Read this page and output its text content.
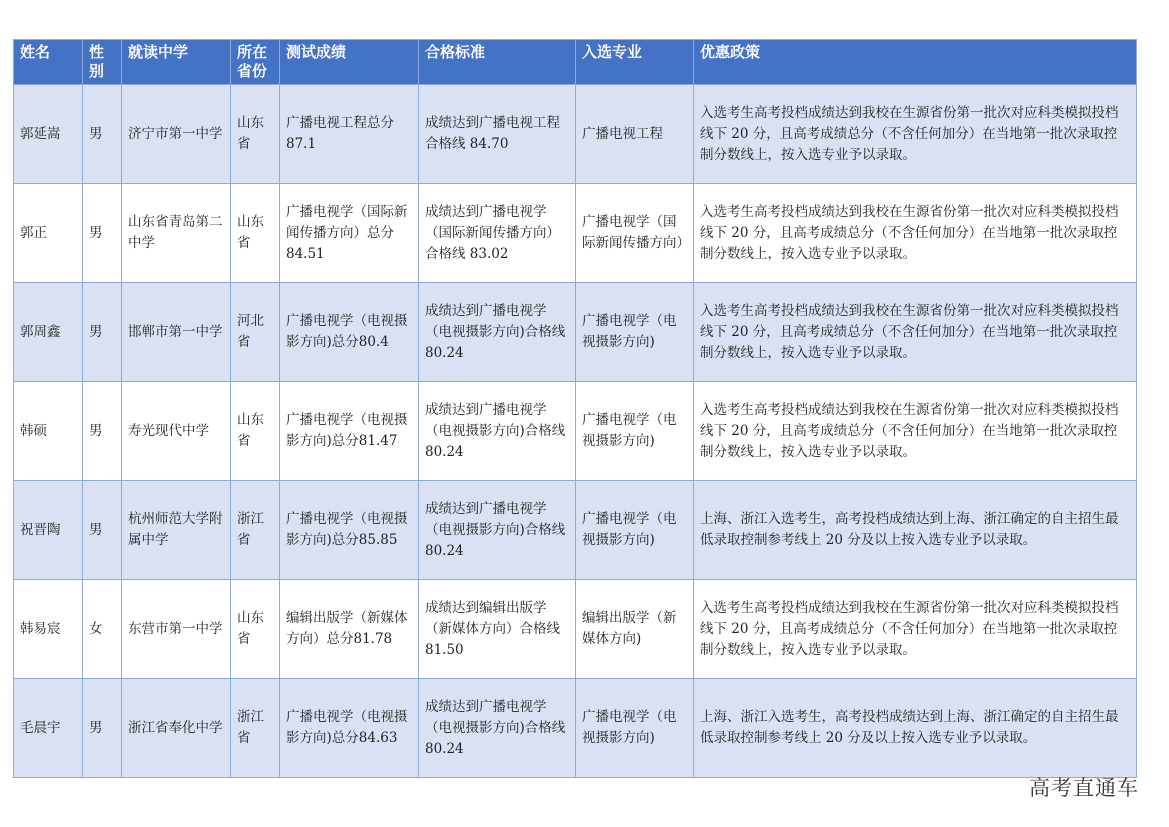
姓名	性别	就读中学	所在省份	测试成绩	合格标准	入选专业	优惠政策
郭延嵩	男	济宁市第一中学	山东省	广播电视工程总分87.1	成绩达到广播电视工程合格线 84.70	广播电视工程	入选考生高考投档成绩达到我校在生源省份第一批次对应科类模拟投档线下 20 分，且高考成绩总分（不含任何加分）在当地第一批次录取控制分数线上，按入选专业予以录取。
郭正	男	山东省青岛第二中学	山东省	广播电视学（国际新闻传播方向）总分 84.51	成绩达到广播电视学（国际新闻传播方向）合格线 83.02	广播电视学（国际新闻传播方向）	入选考生高考投档成绩达到我校在生源省份第一批次对应科类模拟投档线下 20 分，且高考成绩总分（不含任何加分）在当地第一批次录取控制分数线上，按入选专业予以录取。
郭周鑫	男	邯郸市第一中学	河北省	广播电视学（电视摄影方向)总分80.4	成绩达到广播电视学（电视摄影方向)合格线 80.24	广播电视学（电视摄影方向)	入选考生高考投档成绩达到我校在生源省份第一批次对应科类模拟投档线下 20 分，且高考成绩总分（不含任何加分）在当地第一批次录取控制分数线上，按入选专业予以录取。
韩硕	男	寿光现代中学	山东省	广播电视学（电视摄影方向)总分81.47	成绩达到广播电视学（电视摄影方向)合格线 80.24	广播电视学（电视摄影方向)	入选考生高考投档成绩达到我校在生源省份第一批次对应科类模拟投档线下 20 分，且高考成绩总分（不含任何加分）在当地第一批次录取控制分数线上，按入选专业予以录取。
祝晋陶	男	杭州师范大学附属中学	浙江省	广播电视学（电视摄影方向)总分85.85	成绩达到广播电视学（电视摄影方向)合格线 80.24	广播电视学（电视摄影方向)	上海、浙江入选考生，高考投档成绩达到上海、浙江确定的自主招生最低录取控制参考线上 20 分及以上按入选专业予以录取。
韩易宸	女	东营市第一中学	山东省	编辑出版学（新媒体方向）总分81.78	成绩达到编辑出版学（新媒体方向）合格线 81.50	编辑出版学（新媒体方向)	入选考生高考投档成绩达到我校在生源省份第一批次对应科类模拟投档线下 20 分，且高考成绩总分（不含任何加分）在当地第一批次录取控制分数线上，按入选专业予以录取。
毛晨宇	男	浙江省奉化中学	浙江省	广播电视学（电视摄影方向)总分84.63	成绩达到广播电视学（电视摄影方向)合格线 80.24	广播电视学（电视摄影方向)	上海、浙江入选考生，高考投档成绩达到上海、浙江确定的自主招生最低录取控制参考线上 20 分及以上按入选专业予以录取。
高考直通车
